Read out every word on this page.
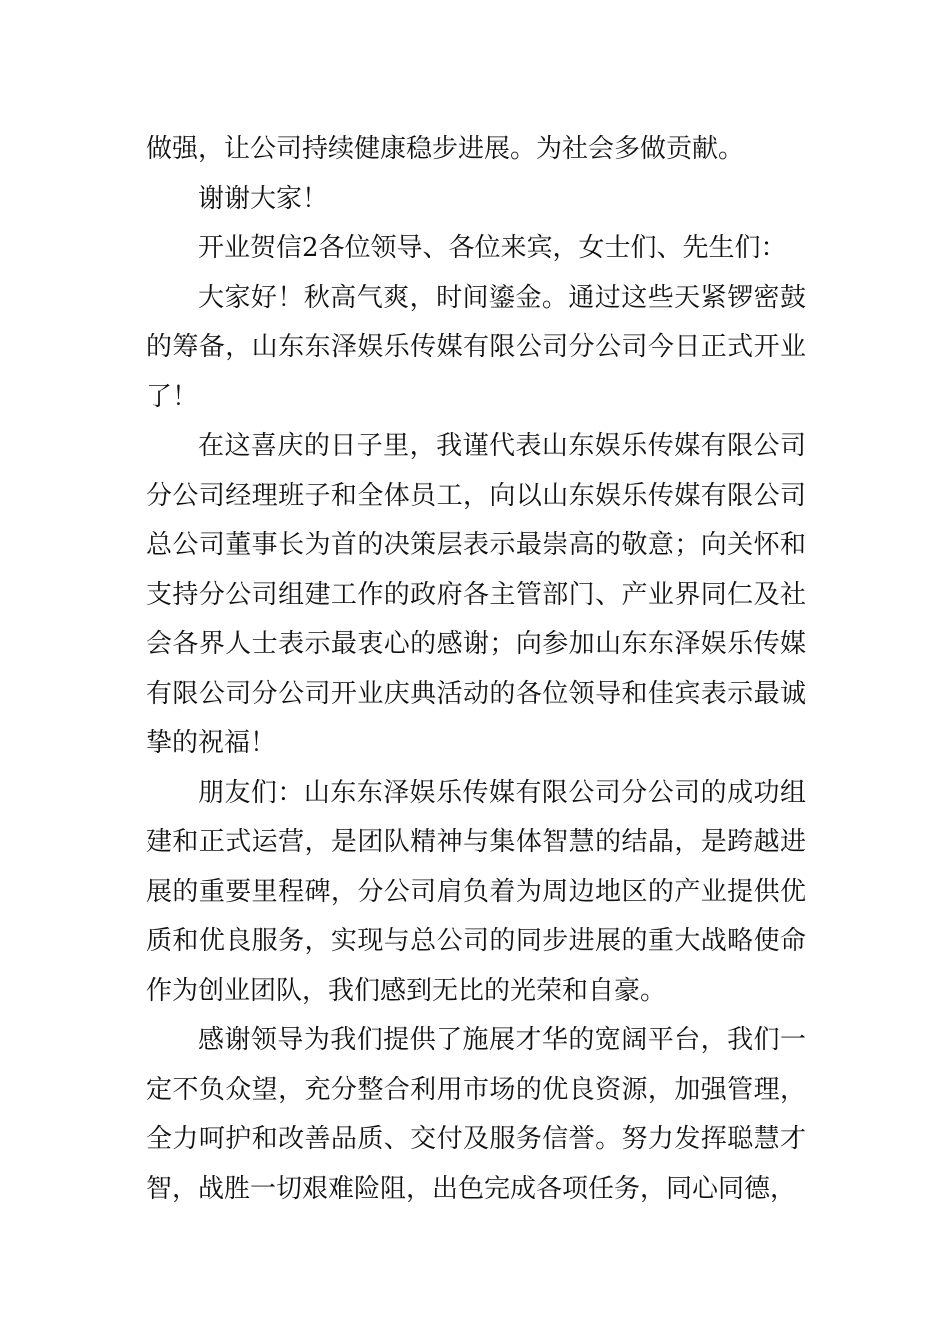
做强，让公司持续健康稳步进展。为社会多做贡献。

谢谢大家！

开业贺信2各位领导、各位来宾，女士们、先生们：

大家好！秋高气爽，时间鎏金。通过这些天紧锣密鼓的筹备，山东东泽娱乐传媒有限公司分公司今日正式开业了！

在这喜庆的日子里，我谨代表山东娱乐传媒有限公司分公司经理班子和全体员工，向以山东娱乐传媒有限公司总公司董事长为首的决策层表示最崇高的敬意；向关怀和支持分公司组建工作的政府各主管部门、产业界同仁及社会各界人士表示最衷心的感谢；向参加山东东泽娱乐传媒有限公司分公司开业庆典活动的各位领导和佳宾表示最诚挚的祝福！

朋友们：山东东泽娱乐传媒有限公司分公司的成功组建和正式运营，是团队精神与集体智慧的结晶，是跨越进展的重要里程碑，分公司肩负着为周边地区的产业提供优质和优良服务，实现与总公司的同步进展的重大战略使命作为创业团队，我们感到无比的光荣和自豪。

感谢领导为我们提供了施展才华的宽阔平台，我们一定不负众望，充分整合利用市场的优良资源，加强管理，全力呵护和改善品质、交付及服务信誉。努力发挥聪慧才智，战胜一切艰难险阻，出色完成各项任务，同心同德，
